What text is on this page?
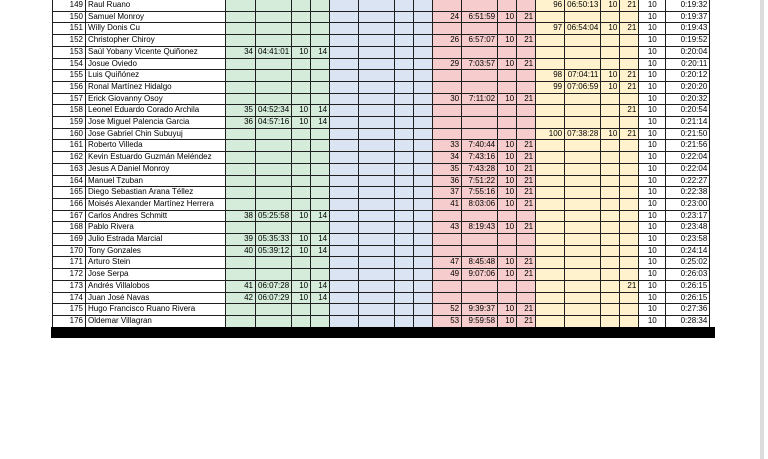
149	Raul Ruano													96	06:50:13	10	21	10	0:19:32
150	Samuel Monroy									24	6:51:59	10	21					10	0:19:37
151	Willy Donis Cu													97	06:54:04	10	21	10	0:19:43
152	Christopher Chiroy									26	6:57:07	10	21					10	0:19:52
153	Saúl Yobany Vicente Quiñonez	34	04:41:01	10	14													10	0:20:04
154	Josue Oviedo									29	7:03:57	10	21					10	0:20:11
155	Luis Quiñónez													98	07:04:11	10	21	10	0:20:12
156	Ronal Martínez Hidalgo													99	07:06:59	10	21	10	0:20:20
157	Erick Giovanny Osoy									30	7:11:02	10	21					10	0:20:32
158	Leonel Eduardo Corado Archila	35	04:52:34	10	14												21	10	0:20:54
159	Jose Miguel Palencia Garcia	36	04:57:16	10	14													10	0:21:14
160	Jose Gabriel Chin Subuyuj													100	07:38:28	10	21	10	0:21:50
161	Roberto Villeda									33	7:40:44	10	21					10	0:21:56
162	Kevin Estuardo Guzmán Meléndez									34	7:43:16	10	21					10	0:22:04
163	Jesus A Daniel Monroy									35	7:43:28	10	21					10	0:22:04
164	Manuel Tzuban									36	7:51:22	10	21					10	0:22:27
165	Diego Sebastian Arana Téllez									37	7:55:16	10	21					10	0:22:38
166	Moisés Alexander Martínez Herrera									41	8:03:06	10	21					10	0:23:00
167	Carlos Andres Schmitt	38	05:25:58	10	14													10	0:23:17
168	Pablo Rivera									43	8:19:43	10	21					10	0:23:48
169	Julio Estrada Marcial	39	05:35:33	10	14													10	0:23:58
170	Tony Gonzales	40	05:39:12	10	14													10	0:24:14
171	Arturo Stein									47	8:45:48	10	21					10	0:25:02
172	Jose Serpa									49	9:07:06	10	21					10	0:26:03
173	Andrés Villalobos	41	06:07:28	10	14												21	10	0:26:15
174	Juan José Navas	42	06:07:29	10	14													10	0:26:15
175	Hugo Francisco Ruano Rivera									52	9:39:37	10	21					10	0:27:36
176	Oldemar Villagran									53	9:59:58	10	21					10	0:28:34
